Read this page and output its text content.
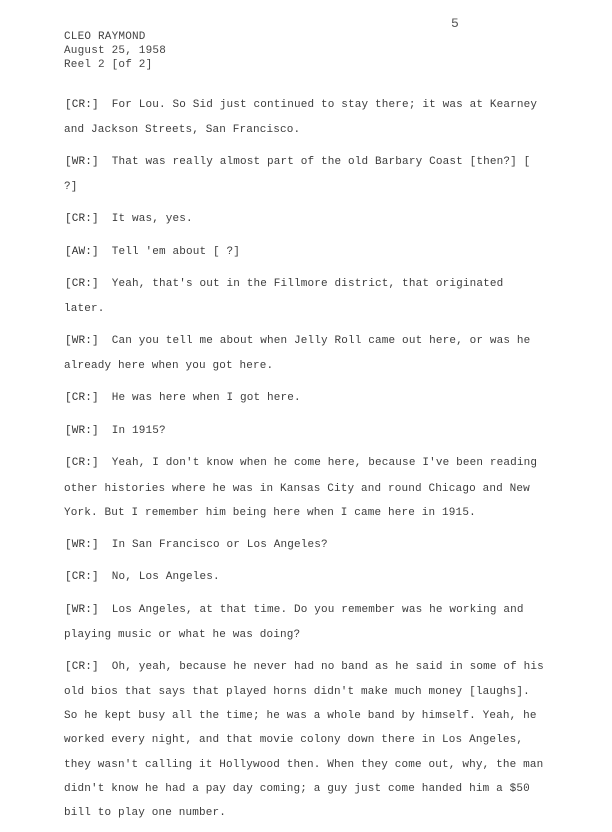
5
CLEO RAYMOND
August 25, 1958
Reel 2 [of 2]

[CR:] For Lou. So Sid just continued to stay there; it was at Kearney and Jackson Streets, San Francisco.

[WR:] That was really almost part of the old Barbary Coast [then?] [ ?]

[CR:] It was, yes.

[AW:] Tell 'em about [ ?]

[CR:] Yeah, that's out in the Fillmore district, that originated later.

[WR:] Can you tell me about when Jelly Roll came out here, or was he already here when you got here.

[CR:] He was here when I got here.

[WR:] In 1915?

[CR:] Yeah, I don't know when he come here, because I've been reading other histories where he was in Kansas City and round Chicago and New York. But I remember him being here when I came here in 1915.

[WR:] In San Francisco or Los Angeles?

[CR:] No, Los Angeles.

[WR:] Los Angeles, at that time. Do you remember was he working and playing music or what he was doing?

[CR:] Oh, yeah, because he never had no band as he said in some of his old bios that says that played horns didn't make much money [laughs]. So he kept busy all the time; he was a whole band by himself. Yeah, he worked every night, and that movie colony down there in Los Angeles, they wasn't calling it Hollywood then. When they come out, why, the man didn't know he had a pay day coming; a guy just come handed him a $50 bill to play one number.
